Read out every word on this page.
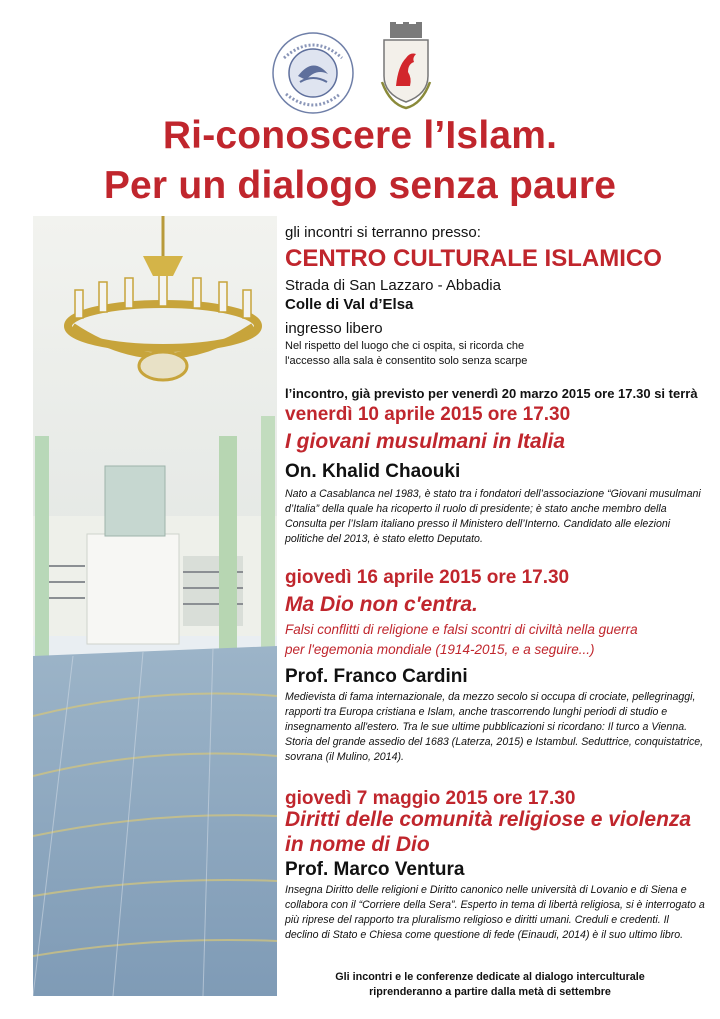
Ri-conoscere l’Islam.
Per un dialogo senza paure
gli incontri si terranno presso:
CENTRO CULTURALE ISLAMICO
Strada di San Lazzaro - Abbadia
Colle di Val d’Elsa
ingresso libero
Nel rispetto del luogo che ci ospita, si ricorda che
l'accesso alla sala è consentito solo senza scarpe
l’incontro, già previsto per venerdì 20 marzo 2015 ore 17.30 si terrà
venerdì 10 aprile 2015 ore 17.30
I giovani musulmani in Italia
On. Khalid Chaouki
Nato a Casablanca nel 1983, è stato tra i fondatori dell’associazione “Giovani musulmani d’Italia” della quale ha ricoperto il ruolo di presidente; è stato anche membro della Consulta per l’Islam italiano presso il Ministero dell’Interno. Candidato alle elezioni politiche del 2013, è stato eletto Deputato.
giovedì 16 aprile 2015 ore 17.30
Ma Dio non c'entra.
Falsi conflitti di religione e falsi scontri di civiltà nella guerra
per l'egemonia mondiale (1914-2015, e a seguire...)
Prof. Franco Cardini
Medievista di fama internazionale, da mezzo secolo si occupa di crociate, pellegrinaggi, rapporti tra Europa cristiana e Islam, anche trascorrendo lunghi periodi di studio e insegnamento all'estero. Tra le sue ultime pubblicazioni si ricordano: Il turco a Vienna. Storia del grande assedio del 1683 (Laterza, 2015) e Istambul. Seduttrice, conquistatrice, sovrana (il Mulino, 2014).
giovedì 7 maggio 2015 ore 17.30
Diritti delle comunità religiose e violenza
in nome di Dio
Prof. Marco Ventura
Insegna Diritto delle religioni e Diritto canonico nelle università di Lovanio e di Siena e collabora con il “Corriere della Sera”. Esperto in tema di libertà religiosa, si è interrogato a più riprese del rapporto tra pluralismo religioso e diritti umani. Creduli e credenti. Il declino di Stato e Chiesa come questione di fede (Einaudi, 2014) è il suo ultimo libro.
Gli incontri e le conferenze dedicate al dialogo interculturale
riprenderanno a partire dalla metà di settembre
